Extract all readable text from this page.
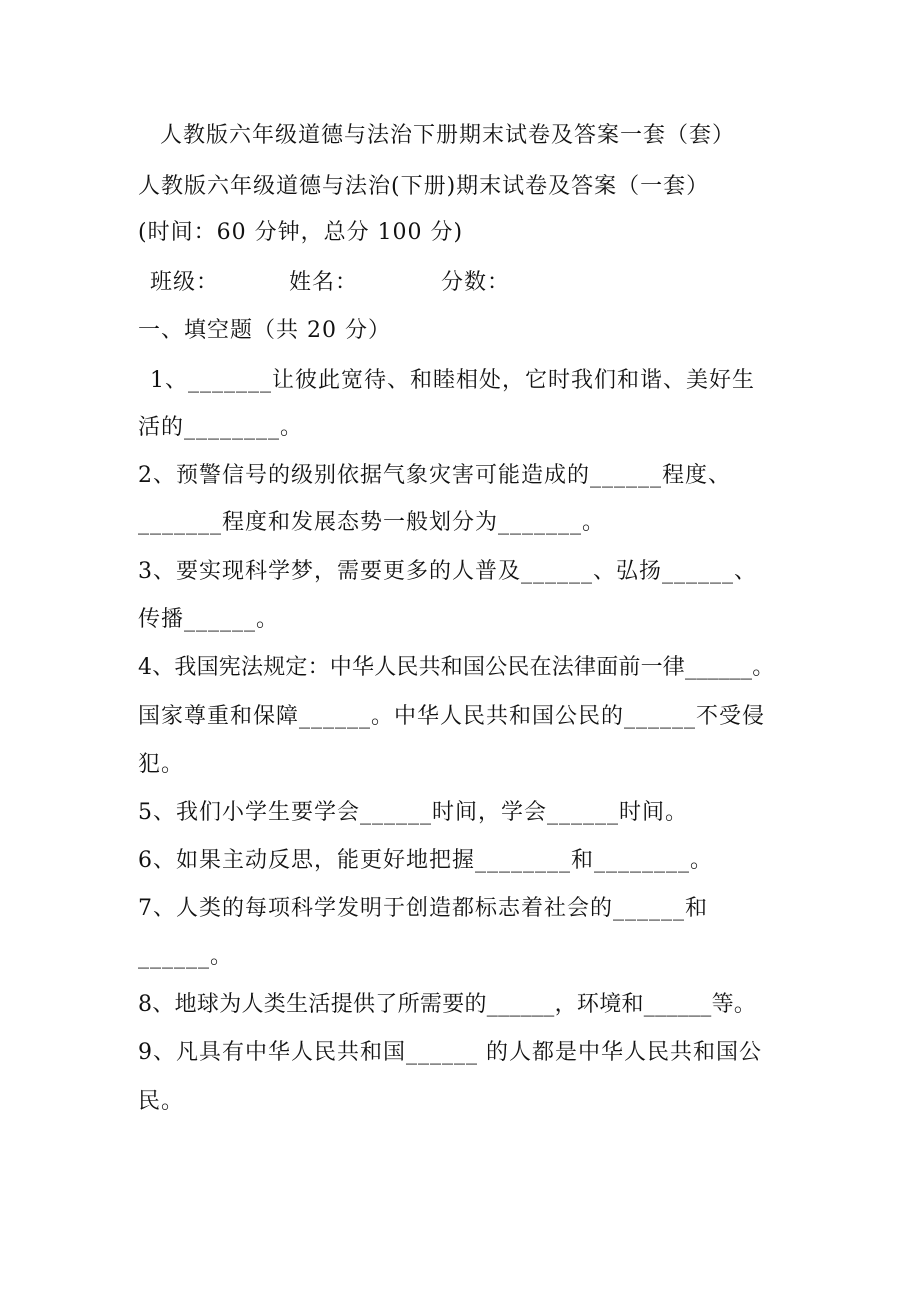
人教版六年级道德与法治下册期末试卷及答案一套（套）
人教版六年级道德与法治(下册)期末试卷及答案（一套）
(时间：60 分钟，总分 100 分)
班级：	姓名：	分数：
一、填空题（共 20 分）
1、_______让彼此宽待、和睦相处，它时我们和谐、美好生
活的________。
2、预警信号的级别依据气象灾害可能造成的______程度、
_______程度和发展态势一般划分为_______。
3、要实现科学梦，需要更多的人普及______、弘扬______、
传播______。
4、我国宪法规定：中华人民共和国公民在法律面前一律______。
国家尊重和保障______。中华人民共和国公民的______不受侵
犯。
5、我们小学生要学会______时间，学会______时间。
6、如果主动反思，能更好地把握________和________。
7、人类的每项科学发明于创造都标志着社会的______和
______。
8、地球为人类生活提供了所需要的______，环境和______等。
9、凡具有中华人民共和国______ 的人都是中华人民共和国公
民。
